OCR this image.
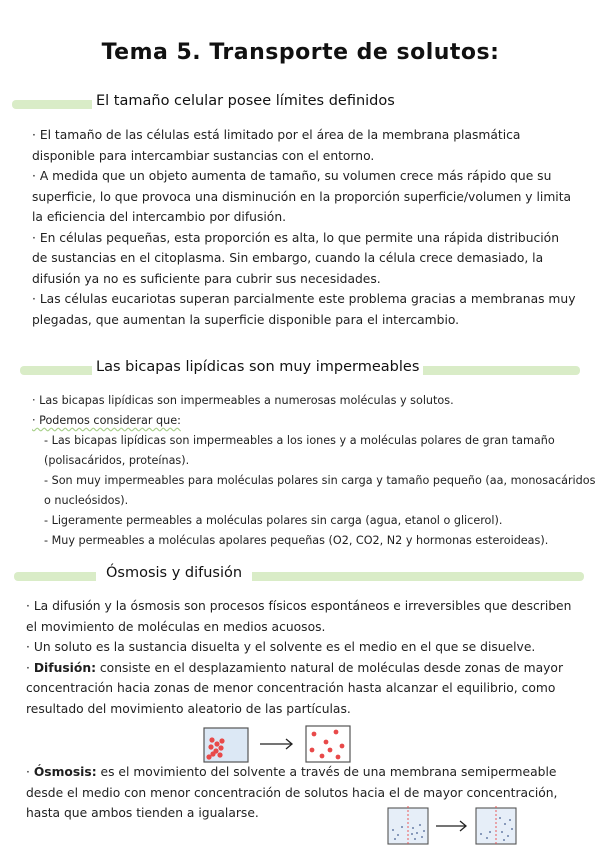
Tema 5. Transporte de solutos:
El tamaño celular posee límites definidos

· El tamaño de las células está limitado por el área de la membrana plasmática disponible para intercambiar sustancias con el entorno.

· A medida que un objeto aumenta de tamaño, su volumen crece más rápido que su superficie, lo que provoca una disminución en la proporción superficie/volumen y limita la eficiencia del intercambio por difusión.

· En células pequeñas, esta proporción es alta, lo que permite una rápida distribución de sustancias en el citoplasma. Sin embargo, cuando la célula crece demasiado, la difusión ya no es suficiente para cubrir sus necesidades.

· Las células eucariotas superan parcialmente este problema gracias a membranas muy plegadas, que aumentan la superficie disponible para el intercambio.

Las bicapas lipídicas son muy impermeables

· Las bicapas lipídicas son impermeables a numerosas moléculas y solutos.

· Podemos considerar que:

- Las bicapas lipídicas son impermeables a los iones y a moléculas polares de gran tamaño (polisacáridos, proteínas).

- Son muy impermeables para moléculas polares sin carga y tamaño pequeño (aa, monosacáridos o nucleósidos).

- Ligeramente permeables a moléculas polares sin carga (agua, etanol o glicerol).

- Muy permeables a moléculas apolares pequeñas (O2, CO2, N2 y hormonas esteroideas).

Ósmosis y difusión

· La difusión y la ósmosis son procesos físicos espontáneos e irreversibles que describen el movimiento de moléculas en medios acuosos.

· Un soluto es la sustancia disuelta y el solvente es el medio en el que se disuelve.

· Difusión: consiste en el desplazamiento natural de moléculas desde zonas de mayor concentración hacia zonas de menor concentración hasta alcanzar el equilibrio, como resultado del movimiento aleatorio de las partículas.

· Ósmosis: es el movimiento del solvente a través de una membrana semipermeable desde el medio con menor concentración de solutos hacia el de mayor concentración, hasta que ambos tienden a igualarse.
